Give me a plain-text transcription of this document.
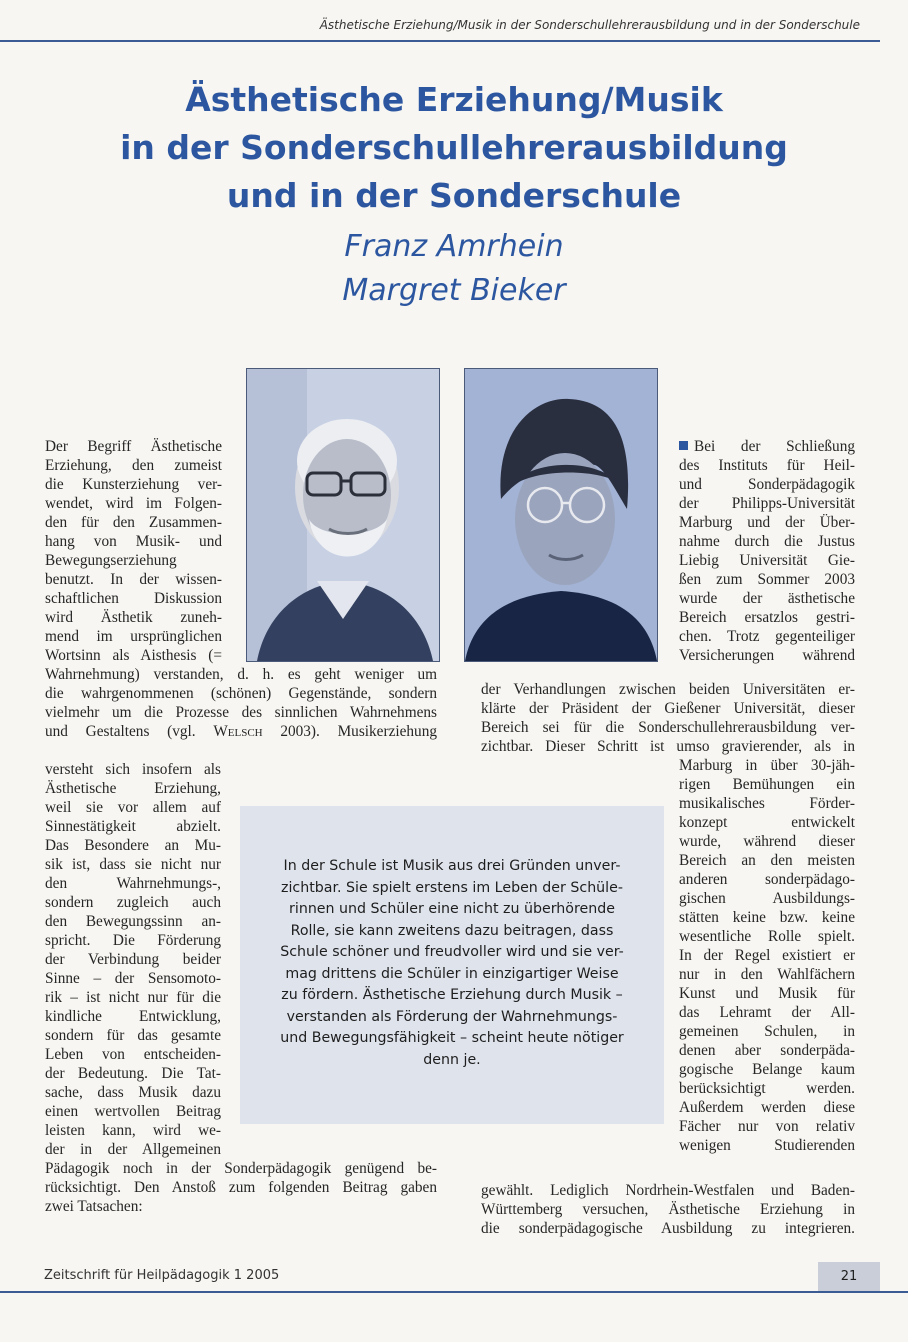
Ästhetische Erziehung/Musik in der Sonderschullehrerausbildung und in der Sonderschule
Ästhetische Erziehung/Musik
in der Sonderschullehrerausbildung
und in der Sonderschule
Franz Amrhein
Margret Bieker
Der Begriff Ästhetische
Erziehung, den zumeist
die Kunsterziehung ver-
wendet, wird im Folgen-
den für den Zusammen-
hang von Musik- und
Bewegungserziehung
benutzt. In der wissen-
schaftlichen Diskussion
wird Ästhetik zuneh-
mend im ursprünglichen
Wortsinn als Aisthesis (=
Wahrnehmung) verstanden, d. h. es geht weniger um
die wahrgenommenen (schönen) Gegenstände, sondern
vielmehr um die Prozesse des sinnlichen Wahrnehmens
und Gestaltens (vgl. Welsch 2003). Musikerziehung
versteht sich insofern als
Ästhetische Erziehung,
weil sie vor allem auf
Sinnestätigkeit abzielt.
Das Besondere an Mu-
sik ist, dass sie nicht nur
den Wahrnehmungs-,
sondern zugleich auch
den Bewegungssinn an-
spricht. Die Förderung
der Verbindung beider
Sinne – der Sensomoto-
rik – ist nicht nur für die
kindliche Entwicklung,
sondern für das gesamte
Leben von entscheiden-
der Bedeutung. Die Tat-
sache, dass Musik dazu
einen wertvollen Beitrag
leisten kann, wird we-
der in der Allgemeinen
Pädagogik noch in der Sonderpädagogik genügend be-
rücksichtigt. Den Anstoß zum folgenden Beitrag gaben
zwei Tatsachen:
Bei der Schließung
des Instituts für Heil-
und Sonderpädagogik
der Philipps-Universität
Marburg und der Über-
nahme durch die Justus
Liebig Universität Gie-
ßen zum Sommer 2003
wurde der ästhetische
Bereich ersatzlos gestri-
chen. Trotz gegenteiliger
Versicherungen während
der Verhandlungen zwischen beiden Universitäten er-
klärte der Präsident der Gießener Universität, dieser
Bereich sei für die Sonderschullehrerausbildung ver-
zichtbar. Dieser Schritt ist umso gravierender, als in
Marburg in über 30-jäh-
rigen Bemühungen ein
musikalisches Förder-
konzept entwickelt
wurde, während dieser
Bereich an den meisten
anderen sonderpädago-
gischen Ausbildungs-
stätten keine bzw. keine
wesentliche Rolle spielt.
In der Regel existiert er
nur in den Wahlfächern
Kunst und Musik für
das Lehramt der All-
gemeinen Schulen, in
denen aber sonderpäda-
gogische Belange kaum
berücksichtigt werden.
Außerdem werden diese
Fächer nur von relativ
wenigen Studierenden
gewählt. Lediglich Nordrhein-Westfalen und Baden-
Württemberg versuchen, Ästhetische Erziehung in
die sonderpädagogische Ausbildung zu integrieren.
In der Schule ist Musik aus drei Gründen unver-
zichtbar. Sie spielt erstens im Leben der Schüle-
rinnen und Schüler eine nicht zu überhörende
Rolle, sie kann zweitens dazu beitragen, dass
Schule schöner und freudvoller wird und sie ver-
mag drittens die Schüler in einzigartiger Weise
zu fördern. Ästhetische Erziehung durch Musik –
verstanden als Förderung der Wahrnehmungs-
und Bewegungsfähigkeit – scheint heute nötiger
denn je.
Zeitschrift für Heilpädagogik 1 2005	21
